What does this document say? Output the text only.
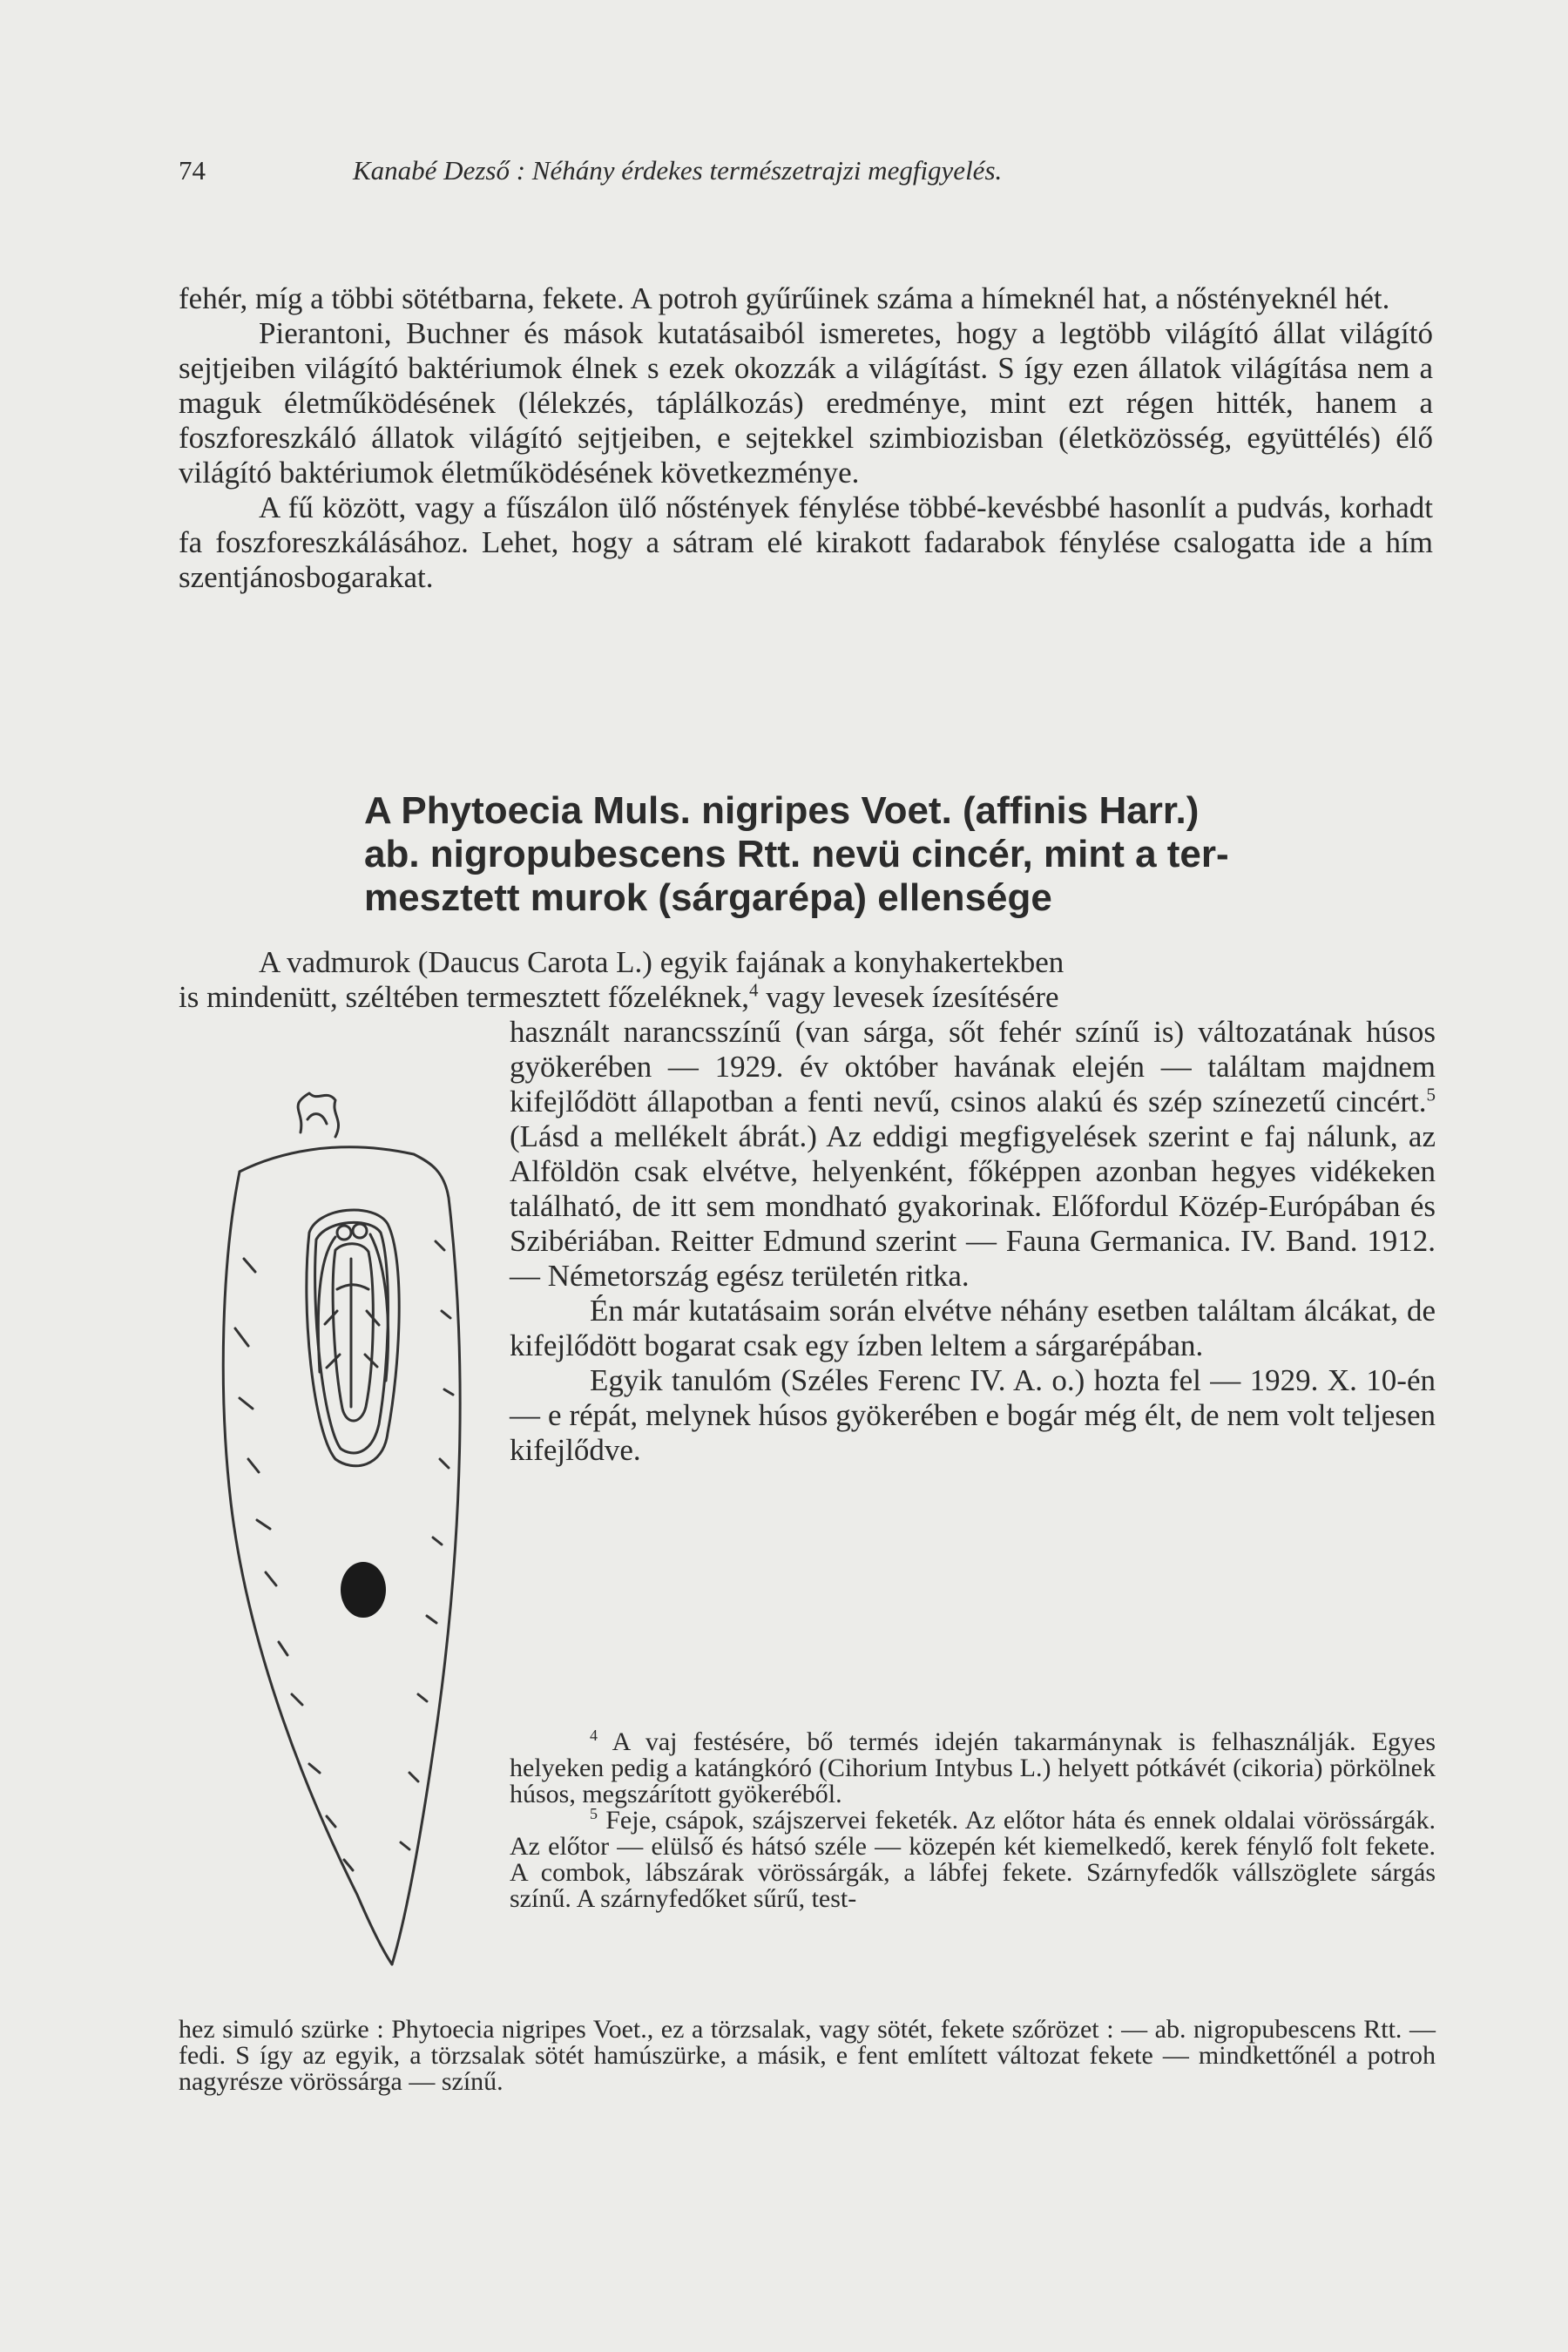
74	Kanabé Dezső : Néhány érdekes természetrajzi megfigyelés.

fehér, míg a többi sötétbarna, fekete. A potroh gyűrűinek száma a hímeknél hat, a nőstényeknél hét.

Pierantoni, Buchner és mások kutatásaiból ismeretes, hogy a legtöbb világító állat világító sejtjeiben világító baktériumok élnek s ezek okozzák a világítást. S így ezen állatok világítása nem a maguk életműködésének (lélekzés, táplálkozás) eredménye, mint ezt régen hitték, hanem a foszforeszkáló állatok világító sejtjeiben, e sejtekkel szimbiozisban (életközösség, együttélés) élő világító baktériumok életműködésének következménye.

A fű között, vagy a fűszálon ülő nőstények fénylése többé-kevésbbé hasonlít a pudvás, korhadt fa foszforeszkálásához. Lehet, hogy a sátram elé kirakott fadarabok fénylése csalogatta ide a hím szentjánosbogarakat.

A Phytoecia Muls. nigripes Voet. (affinis Harr.)
ab. nigropubescens Rtt. nevü cincér, mint a ter-
mesztett murok (sárgarépa) ellensége

A vadmurok (Daucus Carota L.) egyik fajának a konyhakertekben

is mindenütt, széltében termesztett főzeléknek,$^4$ vagy levesek ízesítésére

használt narancsszínű (van sárga, sőt fehér színű is) változatának húsos gyökerében — 1929. év október havának elején — találtam majdnem kifejlődött állapotban a fenti nevű, csinos alakú és szép színezetű cincért.$^5$ (Lásd a mellékelt ábrát.) Az eddigi megfigyelések szerint e faj nálunk, az Alföldön csak elvétve, helyenként, főképpen azonban hegyes vidékeken található, de itt sem mondható gyakorinak. Előfordul Közép-Európában és Szibériában. Reitter Edmund szerint — Fauna Germanica. IV. Band. 1912. — Németország egész területén ritka.

Én már kutatásaim során elvétve néhány esetben találtam álcákat, de kifejlődött bogarat csak egy ízben leltem a sárgarépában.

Egyik tanulóm (Széles Ferenc IV. A. o.) hozta fel — 1929. X. 10-én — e répát, melynek húsos gyökerében e bogár még élt, de nem volt teljesen kifejlődve.

$^4$ A vaj festésére, bő termés idején takarmánynak is felhasználják. Egyes helyeken pedig a katángkóró (Cihorium Intybus L.) helyett pótkávét (cikoria) pörkölnek húsos, megszárított gyökeréből.

$^5$ Feje, csápok, szájszervei feketék. Az előtor háta és ennek oldalai vörössárgák. Az előtor — elülső és hátsó széle — közepén két kiemelkedő, kerek fénylő folt fekete. A combok, lábszárak vörössárgák, a lábfej fekete. Szárnyfedők vállszöglete sárgás színű. A szárnyfedőket sűrű, test-

hez simuló szürke : Phytoecia nigripes Voet., ez a törzsalak, vagy sötét, fekete szőrözet : — ab. nigropubescens Rtt. — fedi. S így az egyik, a törzsalak sötét hamúszürke, a másik, e fent említett változat fekete — mindkettőnél a potroh nagyrésze vörössárga — színű.
